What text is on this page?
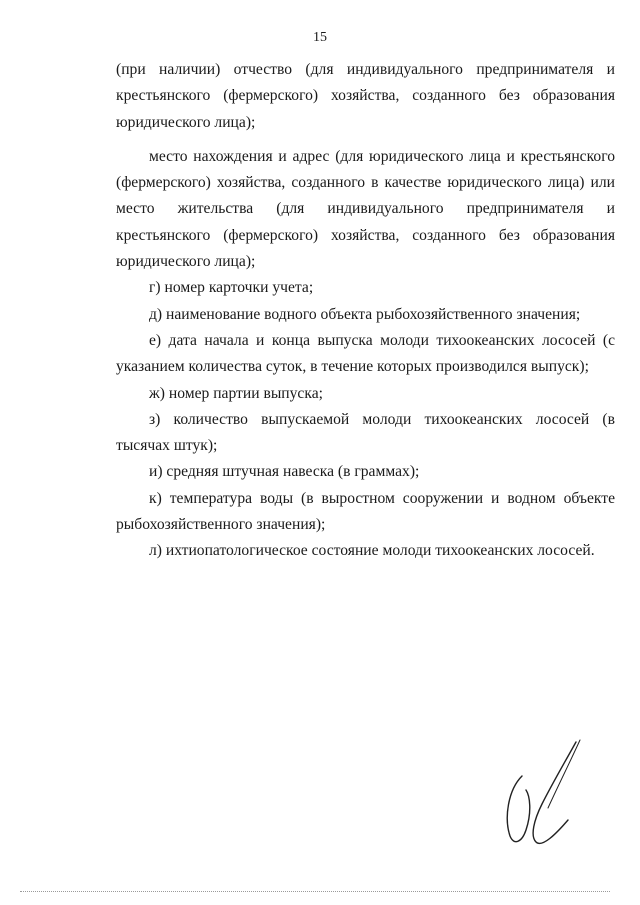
15

(при наличии) отчество (для индивидуального предпринимателя и крестьянского (фермерского) хозяйства, созданного без образования юридического лица);

место нахождения и адрес (для юридического лица и крестьянского (фермерского) хозяйства, созданного в качестве юридического лица) или место жительства (для индивидуального предпринимателя и крестьянского (фермерского) хозяйства, созданного без образования юридического лица);

г) номер карточки учета;

д) наименование водного объекта рыбохозяйственного значения;

е) дата начала и конца выпуска молоди тихоокеанских лососей (с указанием количества суток, в течение которых производился выпуск);

ж) номер партии выпуска;

з) количество выпускаемой молоди тихоокеанских лососей (в тысячах штук);

и) средняя штучная навеска (в граммах);

к) температура воды (в выростном сооружении и водном объекте рыбохозяйственного значения);

л) ихтиопатологическое состояние молоди тихоокеанских лососей.
